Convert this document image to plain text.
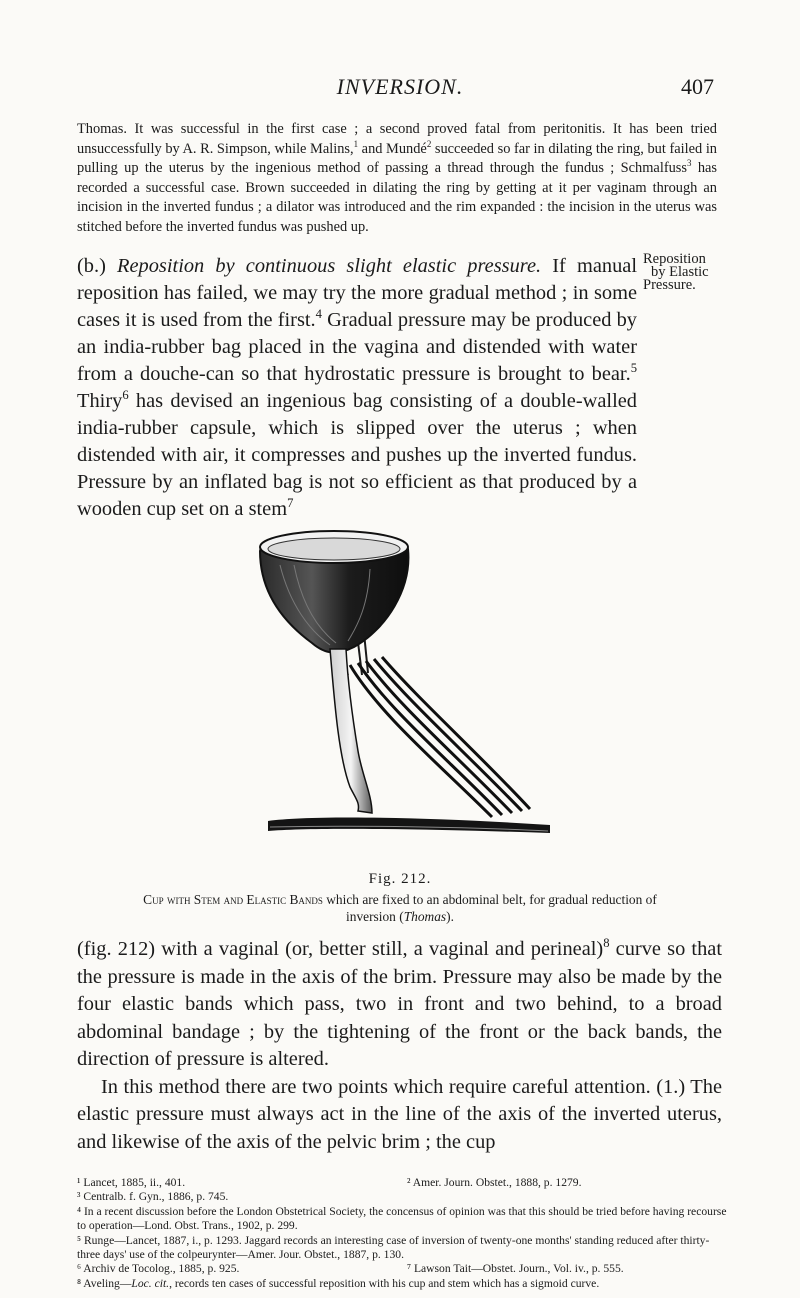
INVERSION.	407

Thomas. It was successful in the first case ; a second proved fatal from peritonitis. It has been tried unsuccessfully by A. R. Simpson, while Malins,$^1$ and Mundé$^2$ succeeded so far in dilating the ring, but failed in pulling up the uterus by the ingenious method of passing a thread through the fundus ; Schmalfuss$^3$ has recorded a successful case. Brown succeeded in dilating the ring by getting at it per vaginam through an incision in the inverted fundus ; a dilator was introduced and the rim expanded : the incision in the uterus was stitched before the inverted fundus was pushed up.

(b.) Reposition by continuous slight elastic pressure. If manual reposition has failed, we may try the more gradual method ; in some cases it is used from the first.$^4$ Gradual pressure may be produced by an india-rubber bag placed in the vagina and distended with water from a douche-can so that hydrostatic pressure is brought to bear.$^5$ Thiry$^6$ has devised an ingenious bag consisting of a double-walled india-rubber capsule, which is slipped over the uterus ; when distended with air, it compresses and pushes up the inverted fundus. Pressure by an inflated bag is not so efficient as that produced by a wooden cup set on a stem$^7$

Reposition
by Elastic
Pressure.
Fig. 212.
Cup with Stem and Elastic Bands which are fixed to an abdominal belt, for gradual reduction of inversion (Thomas).

(fig. 212) with a vaginal (or, better still, a vaginal and perineal)$^8$ curve so that the pressure is made in the axis of the brim. Pressure may also be made by the four elastic bands which pass, two in front and two behind, to a broad abdominal bandage ; by the tightening of the front or the back bands, the direction of pressure is altered.

In this method there are two points which require careful attention. (1.) The elastic pressure must always act in the line of the axis of the inverted uterus, and likewise of the axis of the pelvic brim ; the cup

¹ Lancet, 1885, ii., 401.	² Amer. Journ. Obstet., 1888, p. 1279.
³ Centralb. f. Gyn., 1886, p. 745.
⁴ In a recent discussion before the London Obstetrical Society, the concensus of opinion was that this should be tried before having recourse to operation—Lond. Obst. Trans., 1902, p. 299.
⁵ Runge—Lancet, 1887, i., p. 1293. Jaggard records an interesting case of inversion of twenty-one months' standing reduced after thirty-three days' use of the colpeurynter—Amer. Jour. Obstet., 1887, p. 130.
⁶ Archiv de Tocolog., 1885, p. 925.	⁷ Lawson Tait—Obstet. Journ., Vol. iv., p. 555.
⁸ Aveling—Loc. cit., records ten cases of successful reposition with his cup and stem which has a sigmoid curve.
